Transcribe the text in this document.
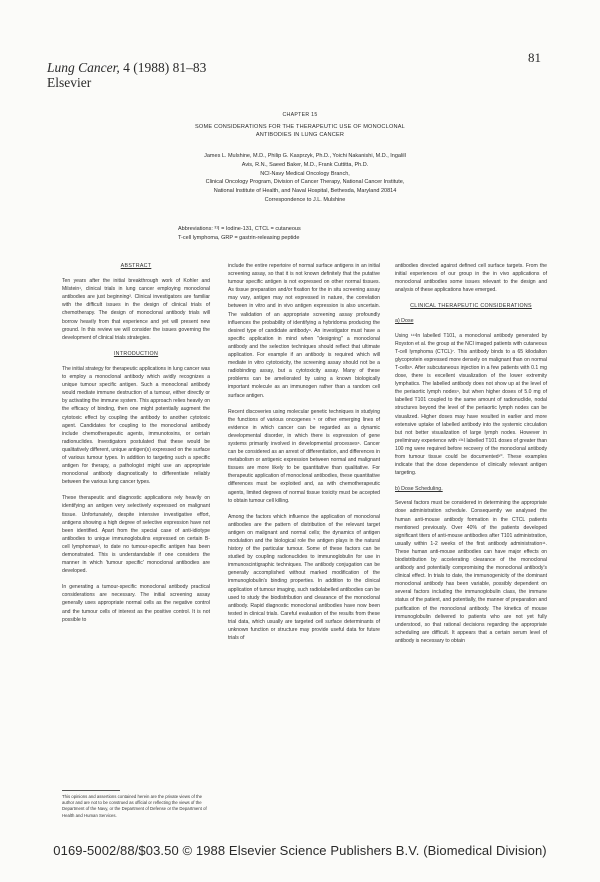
Lung Cancer, 4 (1988) 81–83
Elsevier
81
CHAPTER 15
SOME CONSIDERATIONS FOR THE THERAPEUTIC USE OF MONOCLONAL
ANTIBODIES IN LUNG CANCER
James L. Mulshine, M.D., Philip G. Kasprzyk, Ph.D., Yoichi Nakanishi, M.D., Ingalill
Avis, R.N., Saeed Baker, M.D., Frank Cuttitta, Ph.D.
NCI-Navy Medical Oncology Branch,
Clinical Oncology Program, Division of Cancer Therapy, National Cancer Institute,
National Institute of Health, and Naval Hospital, Bethesda, Maryland 20814
Correspondence to J.L. Mulshine
Abbreviations: ³¹I = Iodine-131, CTCL = cutaneous
T-cell lymphoma, GRP = gastrin-releasing peptide
ABSTRACT

Ten years after the initial breakthrough work of Kohler and Milstein¹, clinical trials in lung cancer employing monoclonal antibodies are just beginning². Clinical investigators are familiar with the difficult issues in the design of clinical trials of chemotherapy. The design of monoclonal antibody trials will borrow heavily from that experience and yet will present new ground. In this review we will consider the issues governing the development of clinical trials strategies.

INTRODUCTION

The initial strategy for therapeutic applications in lung cancer was to employ a monoclonal antibody which avidly recognizes a unique tumour specific antigen. Such a monoclonal antibody would mediate immune destruction of a tumour, either directly or by activating the immune system. This approach relies heavily on the efficacy of binding, then one might potentially augment the cytotoxic effect by coupling the antibody to another cytotoxic agent. Candidates for coupling to the monoclonal antibody include chemotherapeutic agents, immunotoxins, or certain radionuclides. Investigators postulated that these would be qualitatively different, unique antigen(s) expressed on the surface of various tumour types. In addition to targeting such a specific antigen for therapy, a pathologist might use an appropriate monoclonal antibody diagnostically to differentiate reliably between the various lung cancer types.

These therapeutic and diagnostic applications rely heavily on identifying an antigen very selectively expressed on malignant tissue. Unfortunately, despite intensive investigative effort, antigens showing a high degree of selective expression have not been identified. Apart from the special case of anti-idiotype antibodies to unique immunoglobulins expressed on certain B-cell lymphomas³, to date no tumour-specific antigen has been demonstrated. This is understandable if one considers the manner in which 'tumour specific' monoclonal antibodies are developed.

In generating a tumour-specific monoclonal antibody practical considerations are necessary. The initial screening assay generally uses appropriate normal cells as the negative control and the tumour cells of interest as the positive control. It is not possible to

This opinions and assertions contained herein are the private views of the author and are not to be construed as official or reflecting the views of the Department of the Navy, or the Department of Defense or the Department of Health and Human Services.

include the entire repertoire of normal surface antigens in an initial screening assay, so that it is not known definitely that the putative tumour specific antigen is not expressed on other normal tissues. As tissue preparation and/or fixation for the in situ screening assay may vary, antigen may not expressed in nature, the correlation between in vitro and in vivo antigen expression is also uncertain. The validation of an appropriate screening assay profoundly influences the probability of identifying a hybridoma producing the desired type of candidate antibody⁴. An investigator must have a specific application in mind when "designing" a monoclonal antibody and the selection techniques should reflect that ultimate application. For example if an antibody is required which will mediate in vitro cytotoxicity, the screening assay should not be a radiobinding assay, but a cytotoxicity assay. Many of these problems can be ameliorated by using a known biologically important molecule as an immunogen rather than a random cell surface antigen.

Recent discoveries using molecular genetic techniques in studying the functions of various oncogenes ⁵ or other emerging lines of evidence in which cancer can be regarded as a dynamic developmental disorder, in which there is expression of gene systems primarily involved in developmental processes⁶. Cancer can be considered as an arrest of differentiation, and differences in metabolism or antigenic expression between normal and malignant tissues are more likely to be quantitative than qualitative. For therapeutic application of monoclonal antibodies, these quantitative differences must be exploited and, as with chemotherapeutic agents, limited degrees of normal tissue toxicity must be accepted to obtain tumour cell killing.

Among the factors which influence the application of monoclonal antibodies are the pattern of distribution of the relevant target antigen on malignant and normal cells; the dynamics of antigen modulation and the biological role the antigen plays in the natural history of the particular tumour. Some of these factors can be studied by coupling radionuclides to immunoglobulin for use in immunoscintigraphic techniques. The antibody conjugation can be generally accomplished without marked modification of the immunoglobulin's binding properties. In addition to the clinical application of tumour imaging, such radiolabelled antibodies can be used to study the biodistribution and clearance of the monoclonal antibody. Rapid diagnostic monoclonal antibodies have now been tested in clinical trials. Careful evaluation of the results from these trial data, which usually are targeted cell surface determinants of unknown function or structure may provide useful data for future trials of

antibodies directed against defined cell surface targets. From the initial experiences of our group in the in vivo applications of monoclonal antibodies some issues relevant to the design and analysis of these applications have emerged.

CLINICAL THERAPEUTIC CONSIDERATIONS
a) Dose

Using ¹¹¹In labelled T101, a monoclonal antibody generated by Royston et al. the group at the NCI imaged patients with cutaneous T-cell lymphoma (CTCL)⁷. This antibody binds to a 65 kilodalton glycoprotein expressed more densely on malignant than on normal T-cells⁸. After subcutaneous injection in a few patients with 0.1 mg dose, there is excellent visualization of the lower extremity lymphatics. The labelled antibody does not show up at the level of the periaortic lymph nodes⁹, but when higher doses of 5.0 mg of labelled T101 coupled to the same amount of radionuclide, nodal structures beyond the level of the periaortic lymph nodes can be visualized. Higher doses may have resulted in earlier and more extensive uptake of labelled antibody into the systemic circulation but not better visualization of large lymph nodes. However in preliminary experience with ¹³¹I labelled T101 doses of greater than 100 mg were required before recovery of the monoclonal antibody from tumour tissue could be documented¹⁰. These examples indicate that the dose dependence of clinically relevant antigen targeting.

b) Dose Scheduling.

Several factors must be considered in determining the appropriate dose administration schedule. Consequently we analysed the human anti-mouse antibody formation in the CTCL patients mentioned previously. Over 40% of the patients developed significant titers of anti-mouse antibodies after T101 administration, usually within 1-2 weeks of the first antibody administration¹¹. These human anti-mouse antibodies can have major effects on biodistribution by accelerating clearance of the monoclonal antibody and potentially compromising the monoclonal antibody's clinical effect. In trials to date, the immunogenicity of the dominant monoclonal antibody has been variable, possibly dependent on several factors including the immunoglobulin class, the immune status of the patient, and potentially, the manner of preparation and purification of the monoclonal antibody. The kinetics of mouse immunoglobulin delivered to patients who are not yet fully understood, so that rational decisions regarding the appropriate scheduling are difficult. It appears that a certain serum level of antibody is necessary to obtain

0169-5002/88/$03.50 © 1988 Elsevier Science Publishers B.V. (Biomedical Division)
